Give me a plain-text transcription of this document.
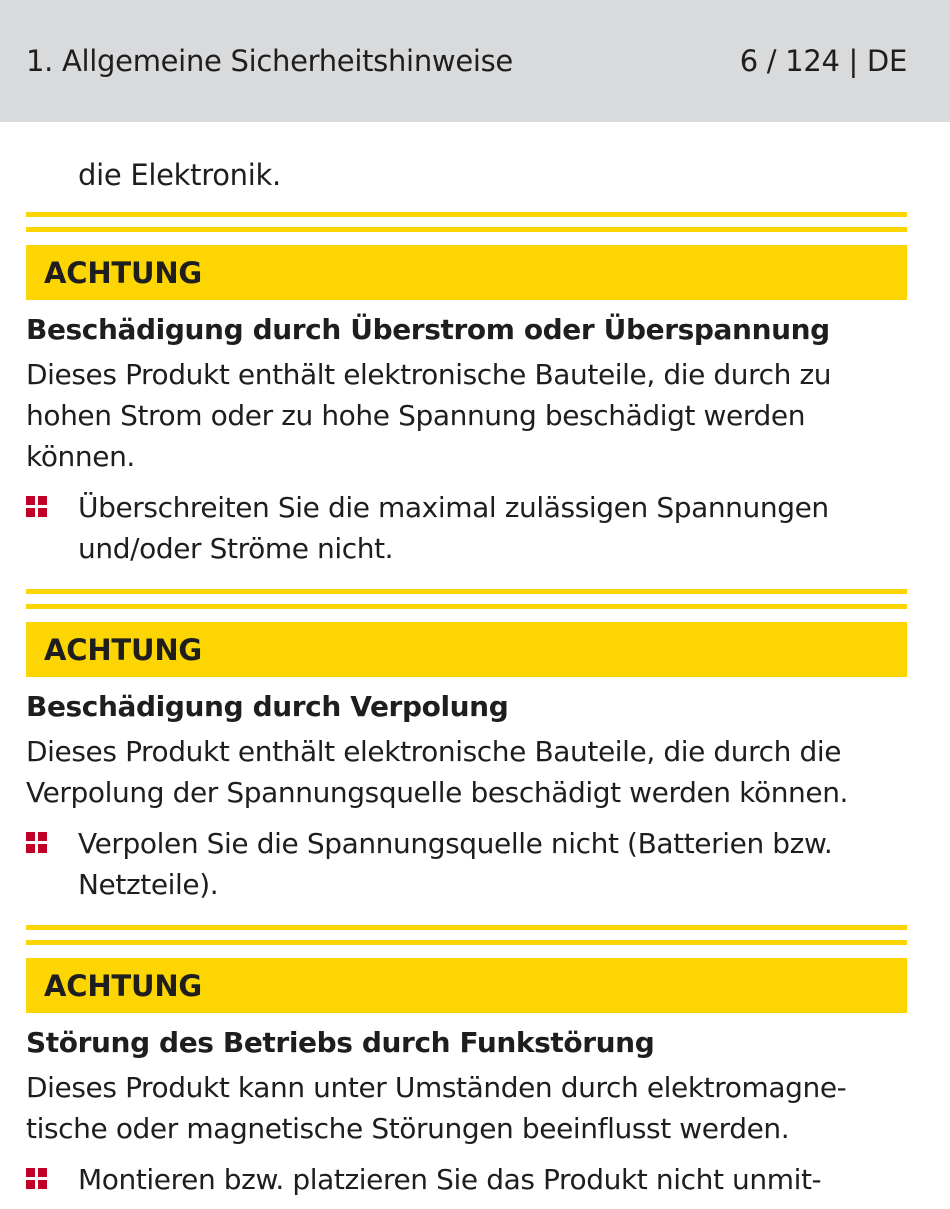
1. Allgemeine Sicherheitshinweise	6 / 124 | DE
die Elektronik.
ACHTUNG
Beschädigung durch Überstrom oder Überspannung
Dieses Produkt enthält elektronische Bauteile, die durch zu hohen Strom oder zu hohe Spannung beschädigt werden können.
Überschreiten Sie die maximal zulässigen Spannungen und/oder Ströme nicht.
ACHTUNG
Beschädigung durch Verpolung
Dieses Produkt enthält elektronische Bauteile, die durch die Verpolung der Spannungsquelle beschädigt werden können.
Verpolen Sie die Spannungsquelle nicht (Batterien bzw. Netzteile).
ACHTUNG
Störung des Betriebs durch Funkstörung
Dieses Produkt kann unter Umständen durch elektromagnetische oder magnetische Störungen beeinflusst werden.
Montieren bzw. platzieren Sie das Produkt nicht unmit-
